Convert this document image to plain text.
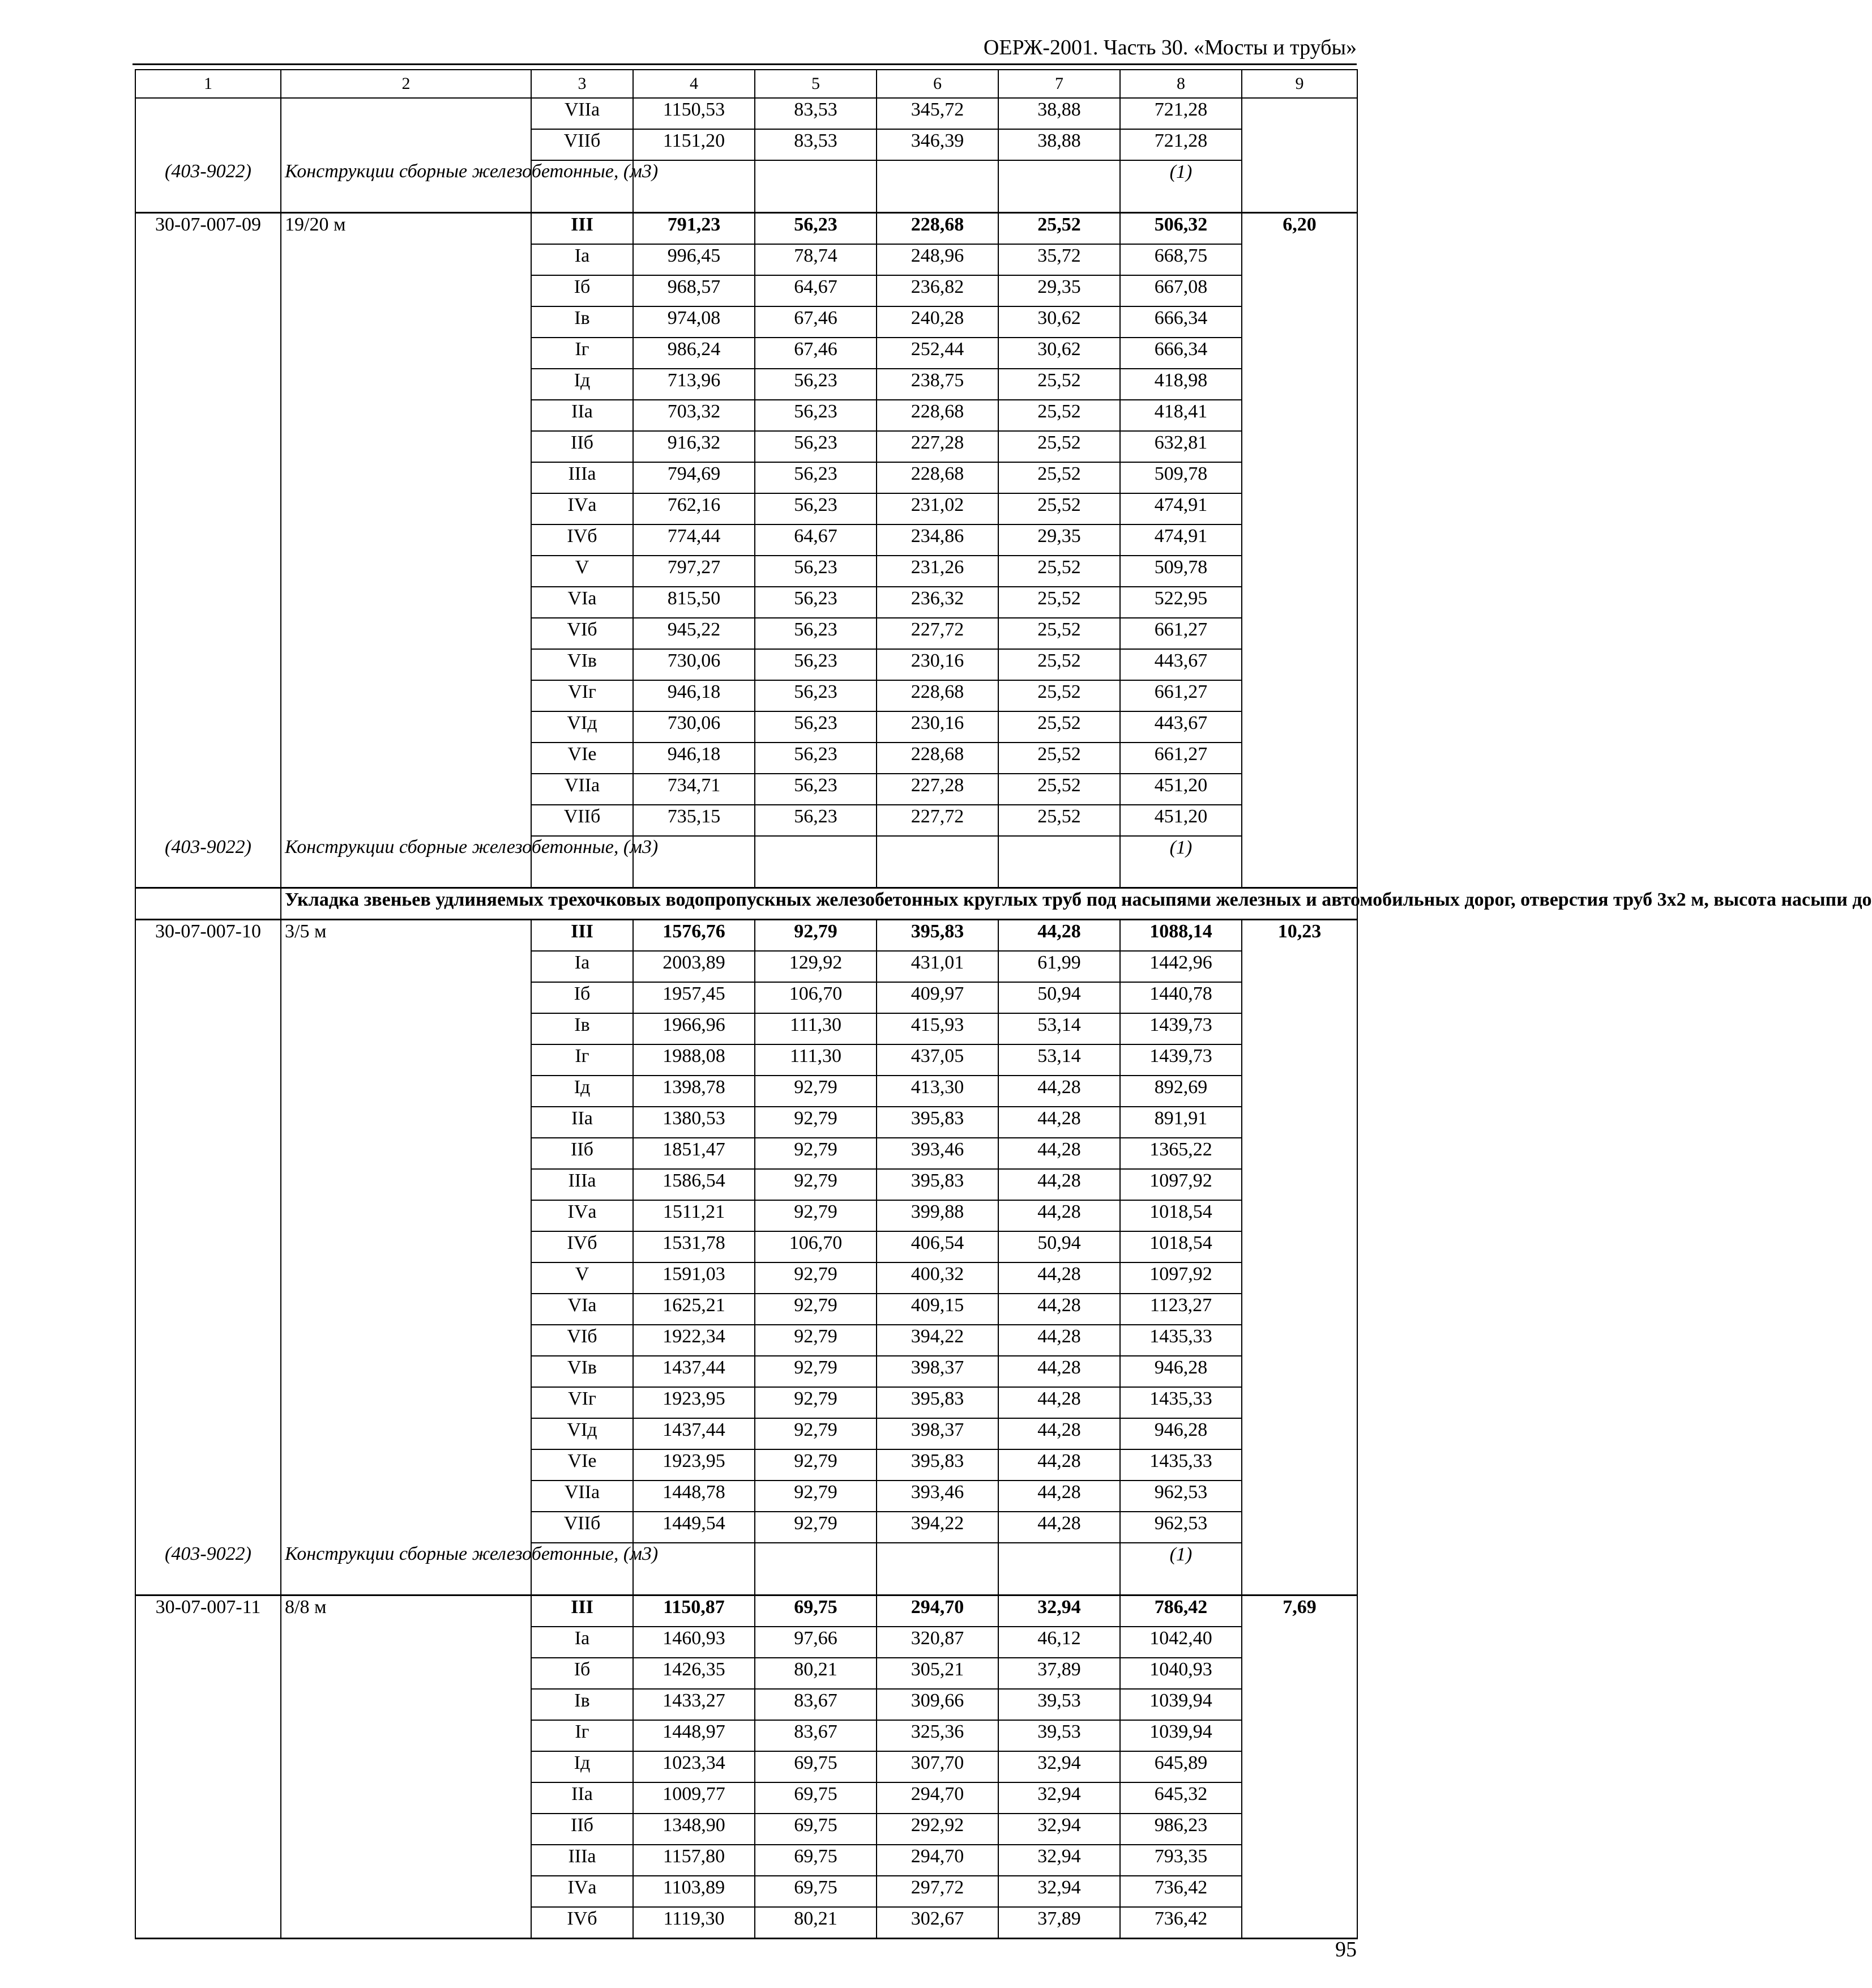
ОЕРЖ-2001. Часть 30. «Мосты и трубы»
1	2	3	4	5	6	7	8	9
		VIIа	1150,53	83,53	345,72	38,88	721,28	
		VIIб	1151,20	83,53	346,39	38,88	721,28	
(403-9022)	Конструкции сборные железобетонные, (м3)						(1)	
30-07-007-09	19/20 м	III	791,23	56,23	228,68	25,52	506,32	6,20
		Iа	996,45	78,74	248,96	35,72	668,75	
		Iб	968,57	64,67	236,82	29,35	667,08	
		Iв	974,08	67,46	240,28	30,62	666,34	
		Iг	986,24	67,46	252,44	30,62	666,34	
		Iд	713,96	56,23	238,75	25,52	418,98	
		IIа	703,32	56,23	228,68	25,52	418,41	
		IIб	916,32	56,23	227,28	25,52	632,81	
		IIIа	794,69	56,23	228,68	25,52	509,78	
		IVа	762,16	56,23	231,02	25,52	474,91	
		IVб	774,44	64,67	234,86	29,35	474,91	
		V	797,27	56,23	231,26	25,52	509,78	
		VIа	815,50	56,23	236,32	25,52	522,95	
		VIб	945,22	56,23	227,72	25,52	661,27	
		VIв	730,06	56,23	230,16	25,52	443,67	
		VIг	946,18	56,23	228,68	25,52	661,27	
		VIд	730,06	56,23	230,16	25,52	443,67	
		VIе	946,18	56,23	228,68	25,52	661,27	
		VIIа	734,71	56,23	227,28	25,52	451,20	
		VIIб	735,15	56,23	227,72	25,52	451,20	
(403-9022)	Конструкции сборные железобетонные, (м3)						(1)	
	Укладка звеньев удлиняемых трехочковых водопропускных железобетонных круглых труб под насыпями железных и автомобильных дорог, отверстия труб 3х2 м, высота насыпи до							
30-07-007-10	3/5 м	III	1576,76	92,79	395,83	44,28	1088,14	10,23
		Iа	2003,89	129,92	431,01	61,99	1442,96	
		Iб	1957,45	106,70	409,97	50,94	1440,78	
		Iв	1966,96	111,30	415,93	53,14	1439,73	
		Iг	1988,08	111,30	437,05	53,14	1439,73	
		Iд	1398,78	92,79	413,30	44,28	892,69	
		IIа	1380,53	92,79	395,83	44,28	891,91	
		IIб	1851,47	92,79	393,46	44,28	1365,22	
		IIIа	1586,54	92,79	395,83	44,28	1097,92	
		IVа	1511,21	92,79	399,88	44,28	1018,54	
		IVб	1531,78	106,70	406,54	50,94	1018,54	
		V	1591,03	92,79	400,32	44,28	1097,92	
		VIа	1625,21	92,79	409,15	44,28	1123,27	
		VIб	1922,34	92,79	394,22	44,28	1435,33	
		VIв	1437,44	92,79	398,37	44,28	946,28	
		VIг	1923,95	92,79	395,83	44,28	1435,33	
		VIд	1437,44	92,79	398,37	44,28	946,28	
		VIе	1923,95	92,79	395,83	44,28	1435,33	
		VIIа	1448,78	92,79	393,46	44,28	962,53	
		VIIб	1449,54	92,79	394,22	44,28	962,53	
(403-9022)	Конструкции сборные железобетонные, (м3)						(1)	
30-07-007-11	8/8 м	III	1150,87	69,75	294,70	32,94	786,42	7,69
		Iа	1460,93	97,66	320,87	46,12	1042,40	
		Iб	1426,35	80,21	305,21	37,89	1040,93	
		Iв	1433,27	83,67	309,66	39,53	1039,94	
		Iг	1448,97	83,67	325,36	39,53	1039,94	
		Iд	1023,34	69,75	307,70	32,94	645,89	
		IIа	1009,77	69,75	294,70	32,94	645,32	
		IIб	1348,90	69,75	292,92	32,94	986,23	
		IIIа	1157,80	69,75	294,70	32,94	793,35	
		IVа	1103,89	69,75	297,72	32,94	736,42	
		IVб	1119,30	80,21	302,67	37,89	736,42	
95
